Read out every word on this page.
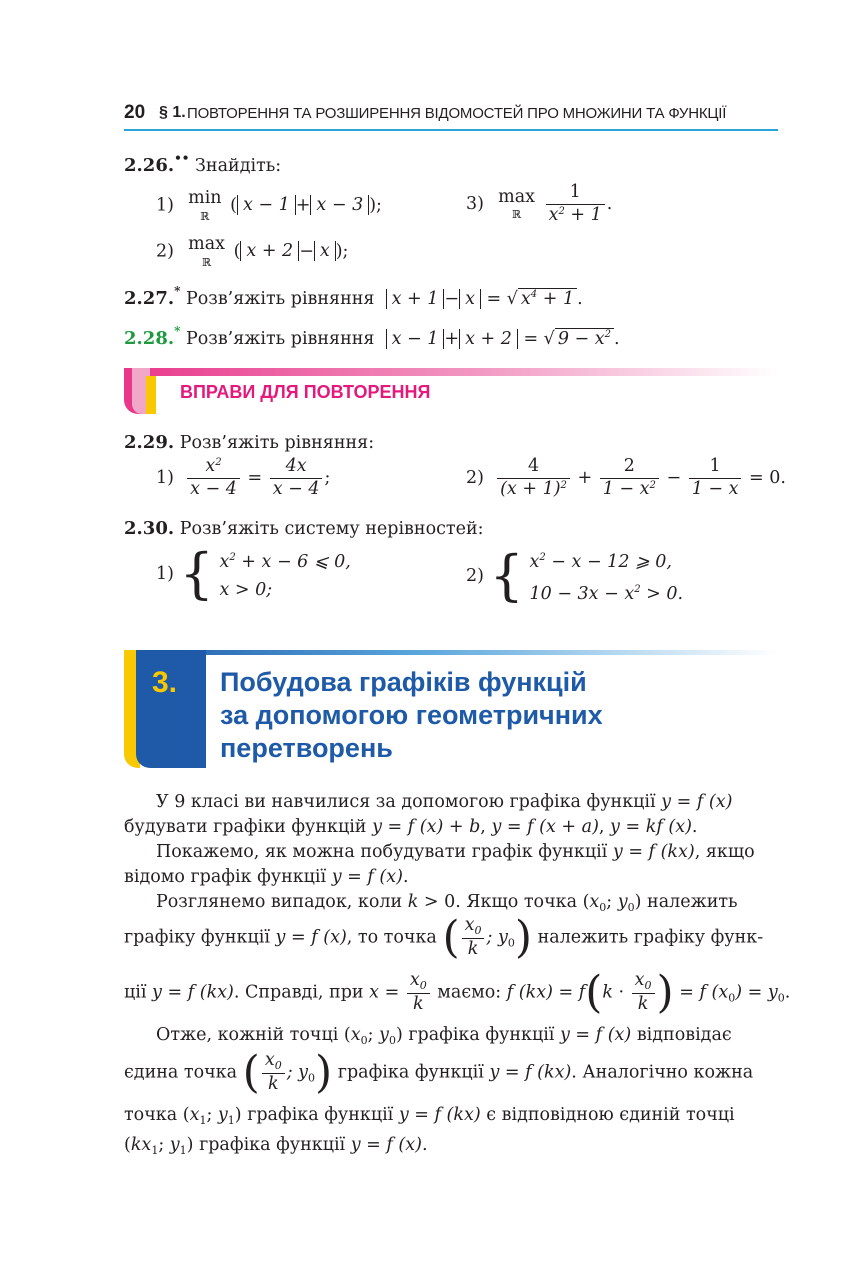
20 § 1. ПОВТОРЕННЯ ТА РОЗШИРЕННЯ ВІДОМОСТЕЙ ПРО МНОЖИНИ ТА ФУНКЦІЇ
2.26.•• Знайдіть:
1) min
ℝ
( x − 1 + x − 3 );	3) max
ℝ
	$\frac{1}{x^2 + 1}$ .
2) max
ℝ
( x + 2 − x );
2.27.* Розв’яжіть рівняння x + 1 − x = √ $x^4 + 1$ .
2.28.* Розв’яжіть рівняння x − 1 + x + 2 = √ $9 - x^2$ .
ВПРАВИ ДЛЯ ПОВТОРЕННЯ
2.29. Розв’яжіть рівняння:
$1) \frac{x^2}{x - 4} = \frac{4x}{x - 4}$ ;	$2) \frac{4}{(x + 1)^2} + \frac{2}{1 - x^2} - \frac{1}{1 - x} = 0$.
2.30. Розв’яжіть систему нерівностей:
1) { $x^2 + x - 6$ ⩽ 0,
x > 0;
2) { $x^2 - x - 12$ ⩾ 0,
$10 - 3x - x^2 > 0$.
3. Побудова графіків функцій
за допомогою геометричних
перетворень
У 9 класі ви навчилися за допомогою графіка функції y = f (x)
будувати графіки функцій y = f (x) + b, y = f (x + a), y = kf (x).
Покажемо, як можна побудувати графік функції y = f (kx), якщо
відомо графік функції y = f (x).
Розглянемо випадок, коли k > 0. Якщо точка ($x_0$; $y_0$) належить
графіку функції y = f (x), то точка ( $\frac{x_0}{k}$ ; $y_0$) належить графіку функ-
ції y = f (kx). Справді, при $x = \frac{x_0}{k}$ маємо: f $(kx) = f(k \cdot \frac{x_0}{k}$ ) = f $(x_0) = y_0$.
Отже, кожній точці ($x_0$; $y_0$) графіка функції y = f (x) відповідає
єдина точка ( $\frac{x_0}{k}$ ; $y_0$) графіка функції y = f (kx). Аналогічно кожна
точка ($x_1$; $y_1$) графіка функції y = f (kx) є відповідною єдиній точці
($kx_1$; $y_1$) графіка функції y = f (x).
